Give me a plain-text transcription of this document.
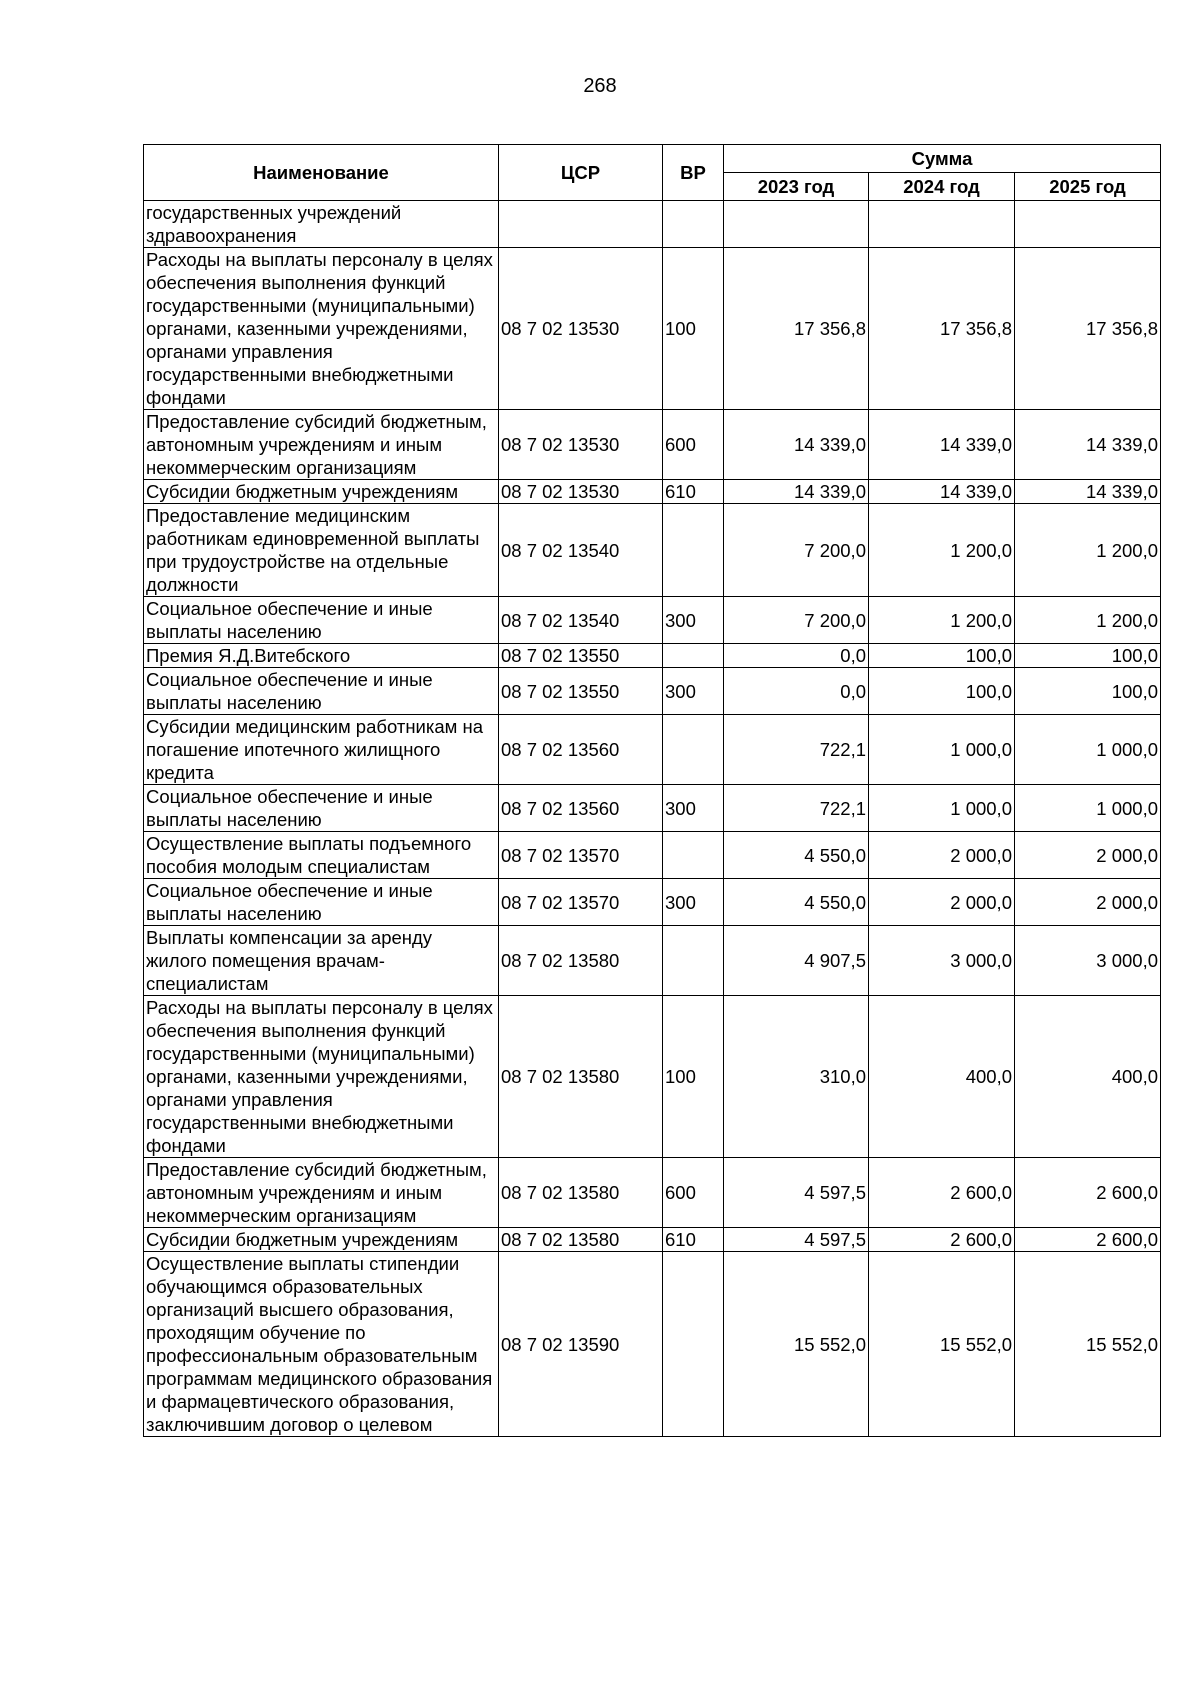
268
Наименование	ЦСР	ВР	Сумма		
			2023 год	2024 год	2025 год
государственных учреждений здравоохранения					
Расходы на выплаты персоналу в целях обеспечения выполнения функций государственными (муниципальными) органами, казенными учреждениями, органами управления государственными внебюджетными фондами	08 7 02 13530	100	17 356,8	17 356,8	17 356,8
Предоставление субсидий бюджетным, автономным учреждениям и иным некоммерческим организациям	08 7 02 13530	600	14 339,0	14 339,0	14 339,0
Субсидии бюджетным учреждениям	08 7 02 13530	610	14 339,0	14 339,0	14 339,0
Предоставление медицинским работникам единовременной выплаты при трудоустройстве на отдельные должности	08 7 02 13540		7 200,0	1 200,0	1 200,0
Социальное обеспечение и иные выплаты населению	08 7 02 13540	300	7 200,0	1 200,0	1 200,0
Премия Я.Д.Витебского	08 7 02 13550		0,0	100,0	100,0
Социальное обеспечение и иные выплаты населению	08 7 02 13550	300	0,0	100,0	100,0
Субсидии медицинским работникам на погашение ипотечного жилищного кредита	08 7 02 13560		722,1	1 000,0	1 000,0
Социальное обеспечение и иные выплаты населению	08 7 02 13560	300	722,1	1 000,0	1 000,0
Осуществление выплаты подъемного пособия молодым специалистам	08 7 02 13570		4 550,0	2 000,0	2 000,0
Социальное обеспечение и иные выплаты населению	08 7 02 13570	300	4 550,0	2 000,0	2 000,0
Выплаты компенсации за аренду жилого помещения врачам-специалистам	08 7 02 13580		4 907,5	3 000,0	3 000,0
Расходы на выплаты персоналу в целях обеспечения выполнения функций государственными (муниципальными) органами, казенными учреждениями, органами управления государственными внебюджетными фондами	08 7 02 13580	100	310,0	400,0	400,0
Предоставление субсидий бюджетным, автономным учреждениям и иным некоммерческим организациям	08 7 02 13580	600	4 597,5	2 600,0	2 600,0
Субсидии бюджетным учреждениям	08 7 02 13580	610	4 597,5	2 600,0	2 600,0
Осуществление выплаты стипендии обучающимся образовательных организаций высшего образования, проходящим обучение по профессиональным образовательным программам медицинского образования и фармацевтического образования, заключившим договор о целевом	08 7 02 13590		15 552,0	15 552,0	15 552,0
